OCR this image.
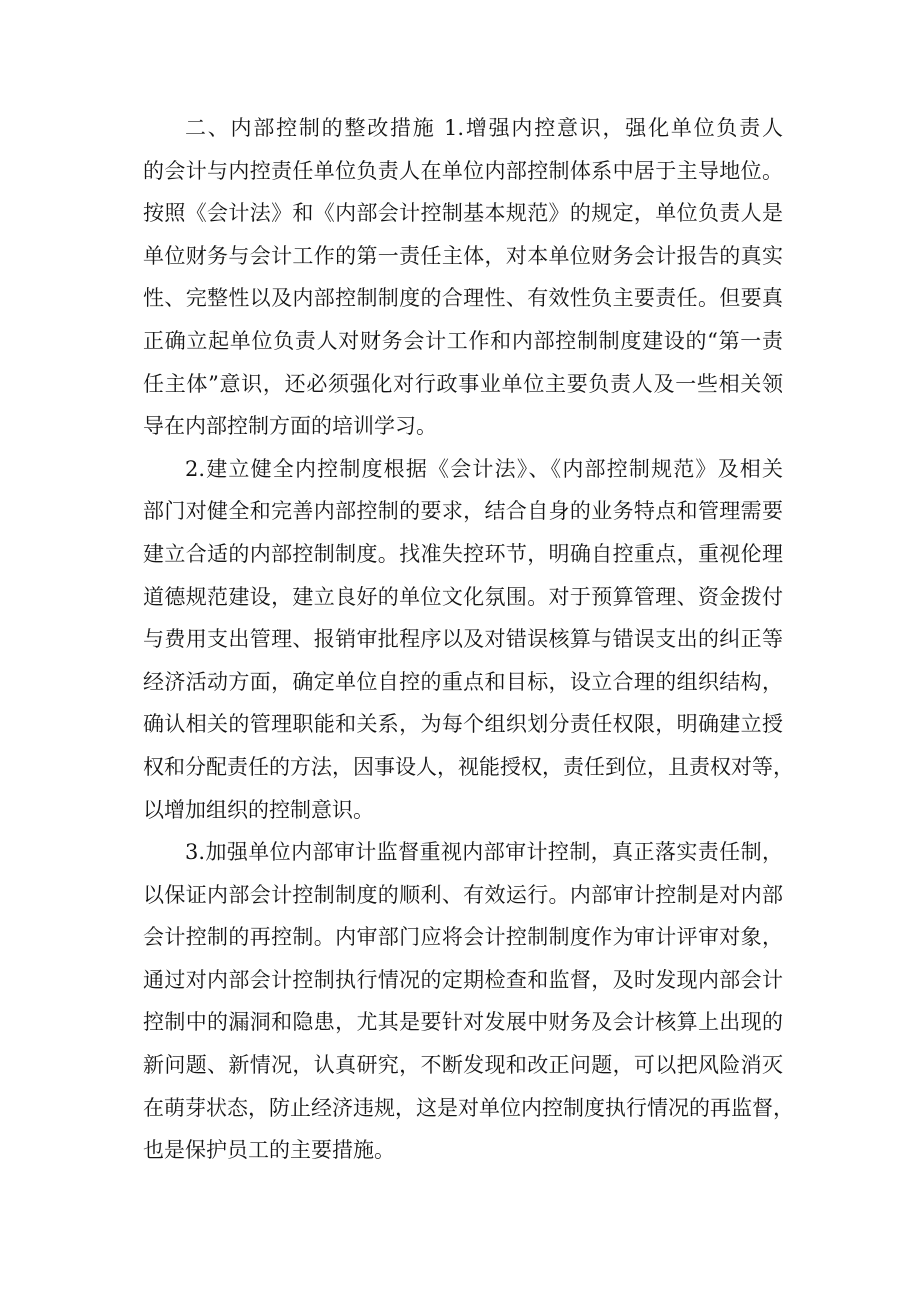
二、内部控制的整改措施 1.增强内控意识，强化单位负责人
的会计与内控责任单位负责人在单位内部控制体系中居于主导地位。
按照《会计法》和《内部会计控制基本规范》的规定，单位负责人是
单位财务与会计工作的第一责任主体，对本单位财务会计报告的真实
性、完整性以及内部控制制度的合理性、有效性负主要责任。但要真
正确立起单位负责人对财务会计工作和内部控制制度建设的“第一责
任主体”意识，还必须强化对行政事业单位主要负责人及一些相关领
导在内部控制方面的培训学习。
2.建立健全内控制度根据《会计法》、《内部控制规范》及相关
部门对健全和完善内部控制的要求，结合自身的业务特点和管理需要
建立合适的内部控制制度。找准失控环节，明确自控重点，重视伦理
道德规范建设，建立良好的单位文化氛围。对于预算管理、资金拨付
与费用支出管理、报销审批程序以及对错误核算与错误支出的纠正等
经济活动方面，确定单位自控的重点和目标，设立合理的组织结构，
确认相关的管理职能和关系，为每个组织划分责任权限，明确建立授
权和分配责任的方法，因事设人，视能授权，责任到位，且责权对等，
以增加组织的控制意识。
3.加强单位内部审计监督重视内部审计控制，真正落实责任制，
以保证内部会计控制制度的顺利、有效运行。内部审计控制是对内部
会计控制的再控制。内审部门应将会计控制制度作为审计评审对象，
通过对内部会计控制执行情况的定期检查和监督，及时发现内部会计
控制中的漏洞和隐患，尤其是要针对发展中财务及会计核算上出现的
新问题、新情况，认真研究，不断发现和改正问题，可以把风险消灭
在萌芽状态，防止经济违规，这是对单位内控制度执行情况的再监督，
也是保护员工的主要措施。
